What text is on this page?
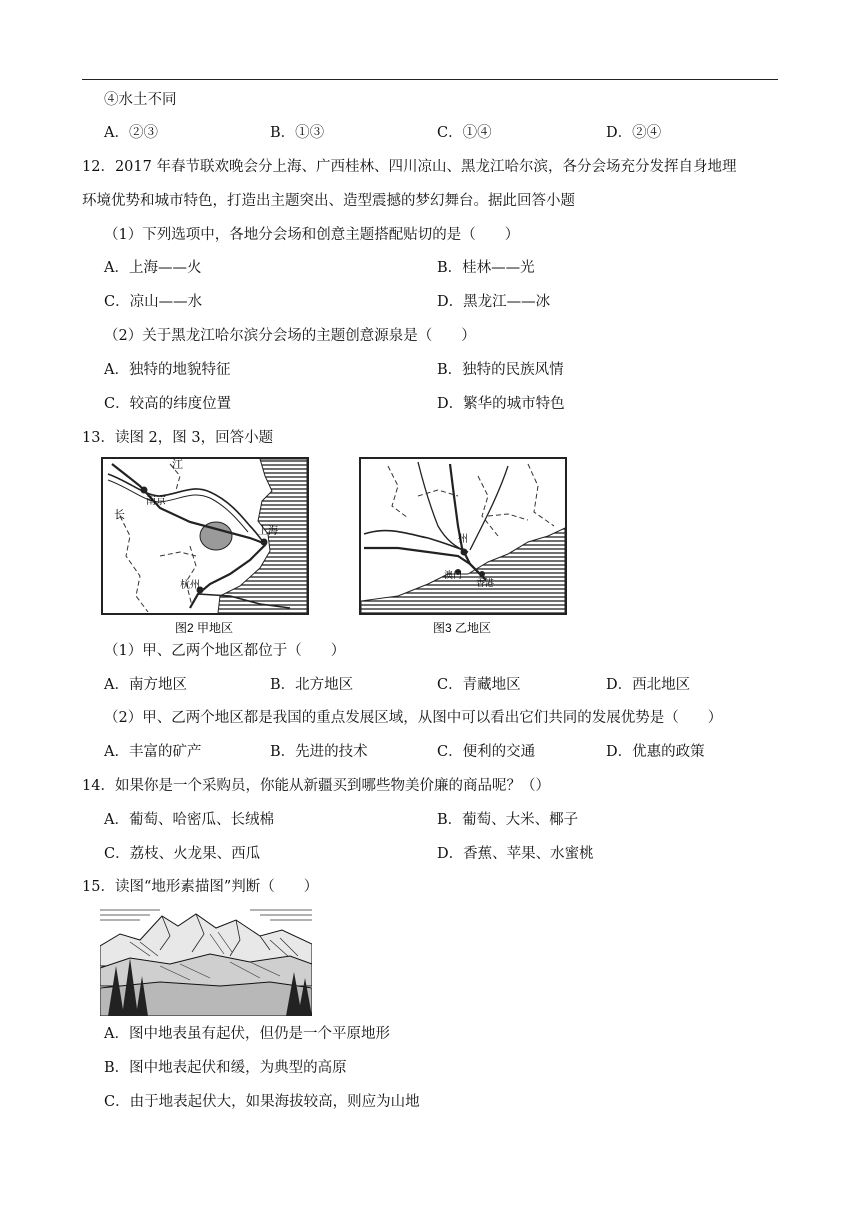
④水土不同
A．②③	B．①③	C．①④	D．②④
12．2017 年春节联欢晚会分上海、广西桂林、四川凉山、黑龙江哈尔滨，各分会场充分发挥自身地理
环境优势和城市特色，打造出主题突出、造型震撼的梦幻舞台。据此回答小题
（1）下列选项中，各地分会场和创意主题搭配贴切的是（　　）
A．上海——火	B．桂林——光
C．凉山——水	D．黑龙江——冰
（2）关于黑龙江哈尔滨分会场的主题创意源泉是（　　）
A．独特的地貌特征	B．独特的民族风情
C．较高的纬度位置	D．繁华的城市特色
13．读图 2，图 3，回答小题
江
南京
长
上海
杭州
图2 甲地区
州
澳门
香港
图3 乙地区
（1）甲、乙两个地区都位于（　　）
A．南方地区	B．北方地区	C．青藏地区	D．西北地区
（2）甲、乙两个地区都是我国的重点发展区域，从图中可以看出它们共同的发展优势是（　　）
A．丰富的矿产	B．先进的技术	C．便利的交通	D．优惠的政策
14．如果你是一个采购员，你能从新疆买到哪些物美价廉的商品呢？（）
A．葡萄、哈密瓜、长绒棉	B．葡萄、大米、椰子
C．荔枝、火龙果、西瓜	D．香蕉、苹果、水蜜桃
15．读图“地形素描图”判断（　　）
A．图中地表虽有起伏，但仍是一个平原地形
B．图中地表起伏和缓，为典型的高原
C．由于地表起伏大，如果海拔较高，则应为山地
